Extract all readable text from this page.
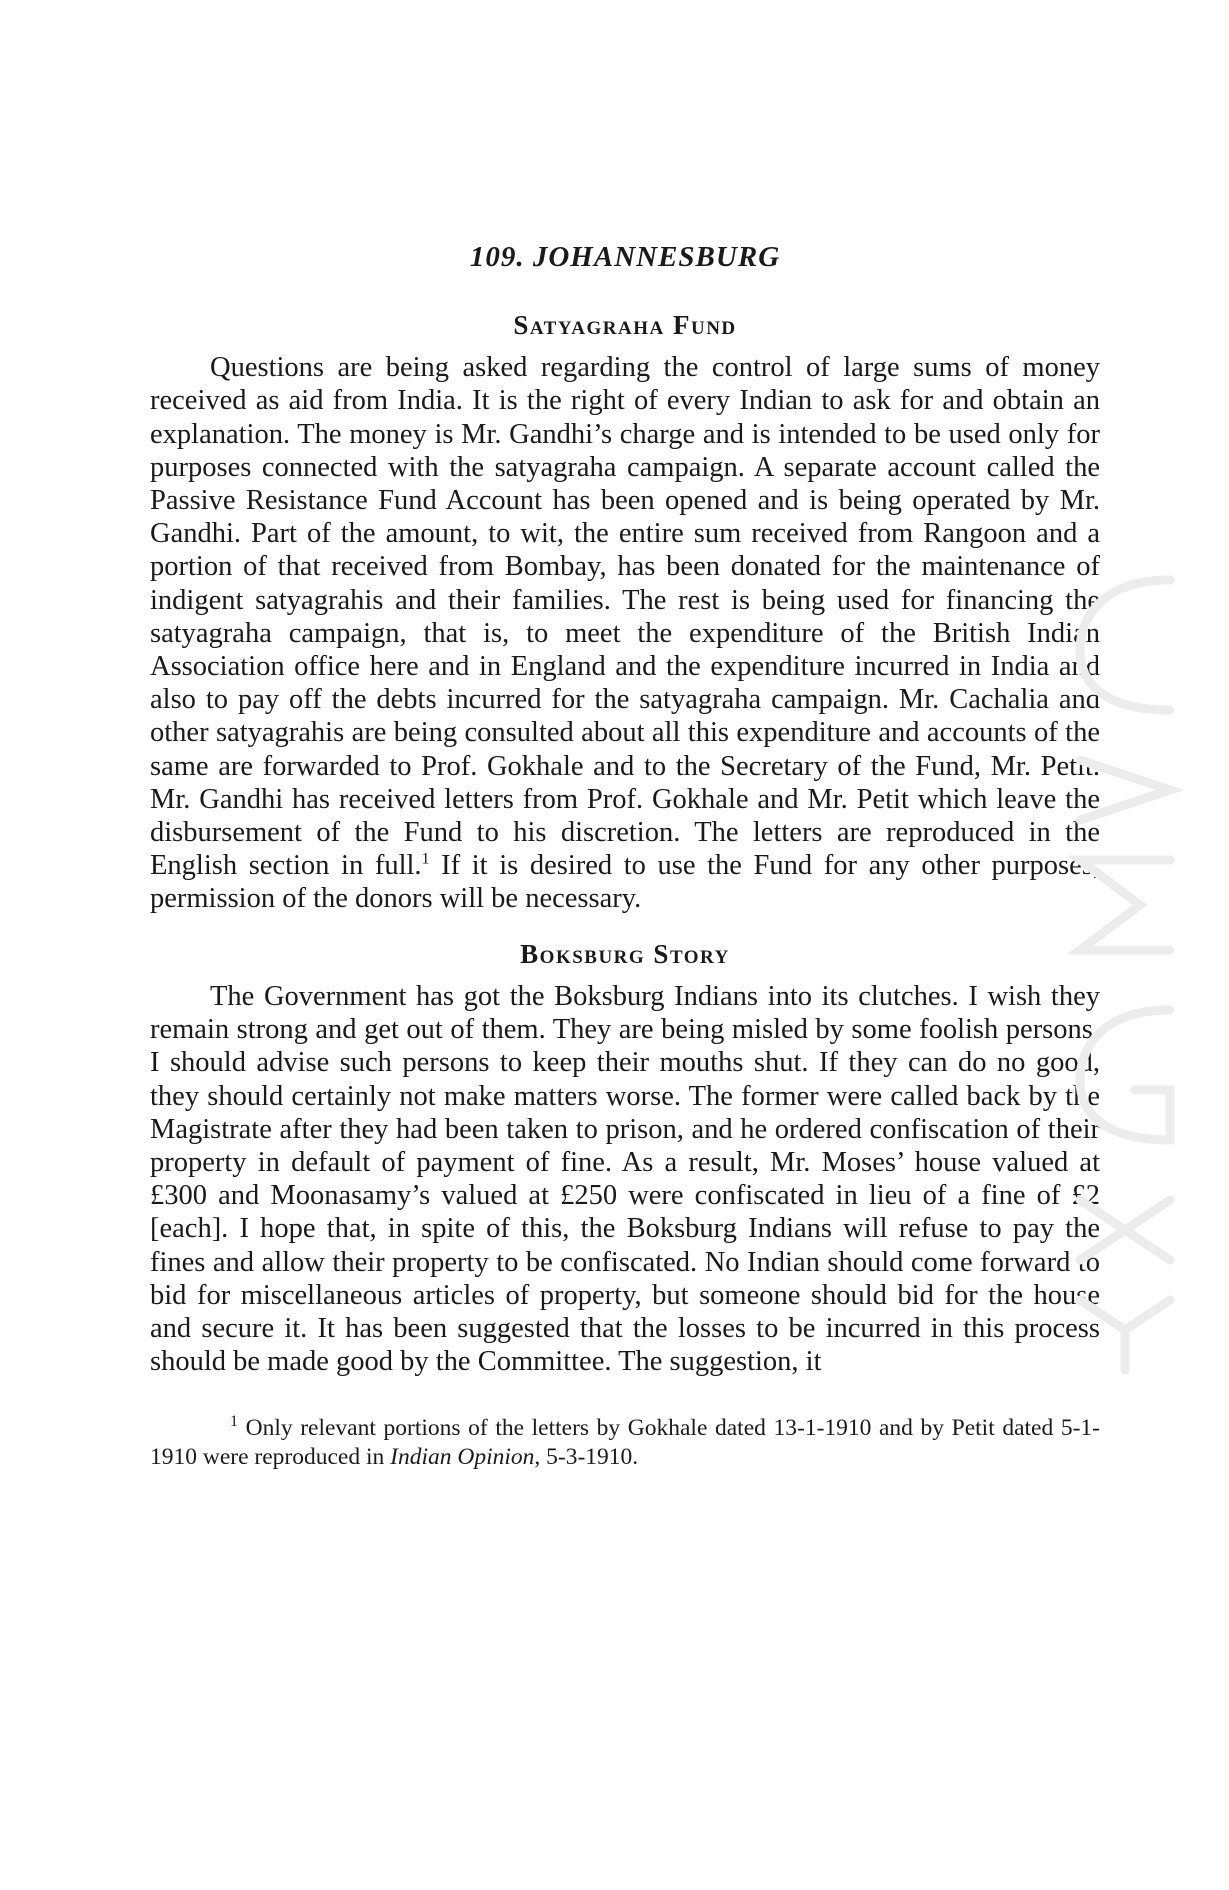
109. JOHANNESBURG
Satyagraha Fund

Questions are being asked regarding the control of large sums of money received as aid from India. It is the right of every Indian to ask for and obtain an explanation. The money is Mr. Gandhi’s charge and is intended to be used only for purposes connected with the satyagraha campaign. A separate account called the Passive Resistance Fund Account has been opened and is being operated by Mr. Gandhi. Part of the amount, to wit, the entire sum received from Rangoon and a portion of that received from Bombay, has been donated for the maintenance of indigent satyagrahis and their families. The rest is being used for financing the satyagraha campaign, that is, to meet the expenditure of the British Indian Association office here and in England and the expenditure incurred in India and also to pay off the debts incurred for the satyagraha campaign. Mr. Cachalia and other satyagrahis are being consulted about all this expenditure and accounts of the same are forwarded to Prof. Gokhale and to the Secretary of the Fund, Mr. Petit. Mr. Gandhi has received letters from Prof. Gokhale and Mr. Petit which leave the disbursement of the Fund to his discretion. The letters are reproduced in the English section in full.$^1$ If it is desired to use the Fund for any other purposes, permission of the donors will be necessary.

Boksburg Story

The Government has got the Boksburg Indians into its clutches. I wish they remain strong and get out of them. They are being misled by some foolish persons. I should advise such persons to keep their mouths shut. If they can do no good, they should certainly not make matters worse. The former were called back by the Magistrate after they had been taken to prison, and he ordered confiscation of their property in default of payment of fine. As a result, Mr. Moses’ house valued at £300 and Moonasamy’s valued at £250 were confiscated in lieu of a fine of £2 [each]. I hope that, in spite of this, the Boksburg Indians will refuse to pay the fines and allow their property to be confiscated. No Indian should come forward to bid for miscellaneous articles of property, but someone should bid for the house and secure it. It has been suggested that the losses to be incurred in this process should be made good by the Committee. The suggestion, it

$^1$ Only relevant portions of the letters by Gokhale dated 13-1-1910 and by Petit dated 5-1-1910 were reproduced in Indian Opinion, 5-3-1910.
